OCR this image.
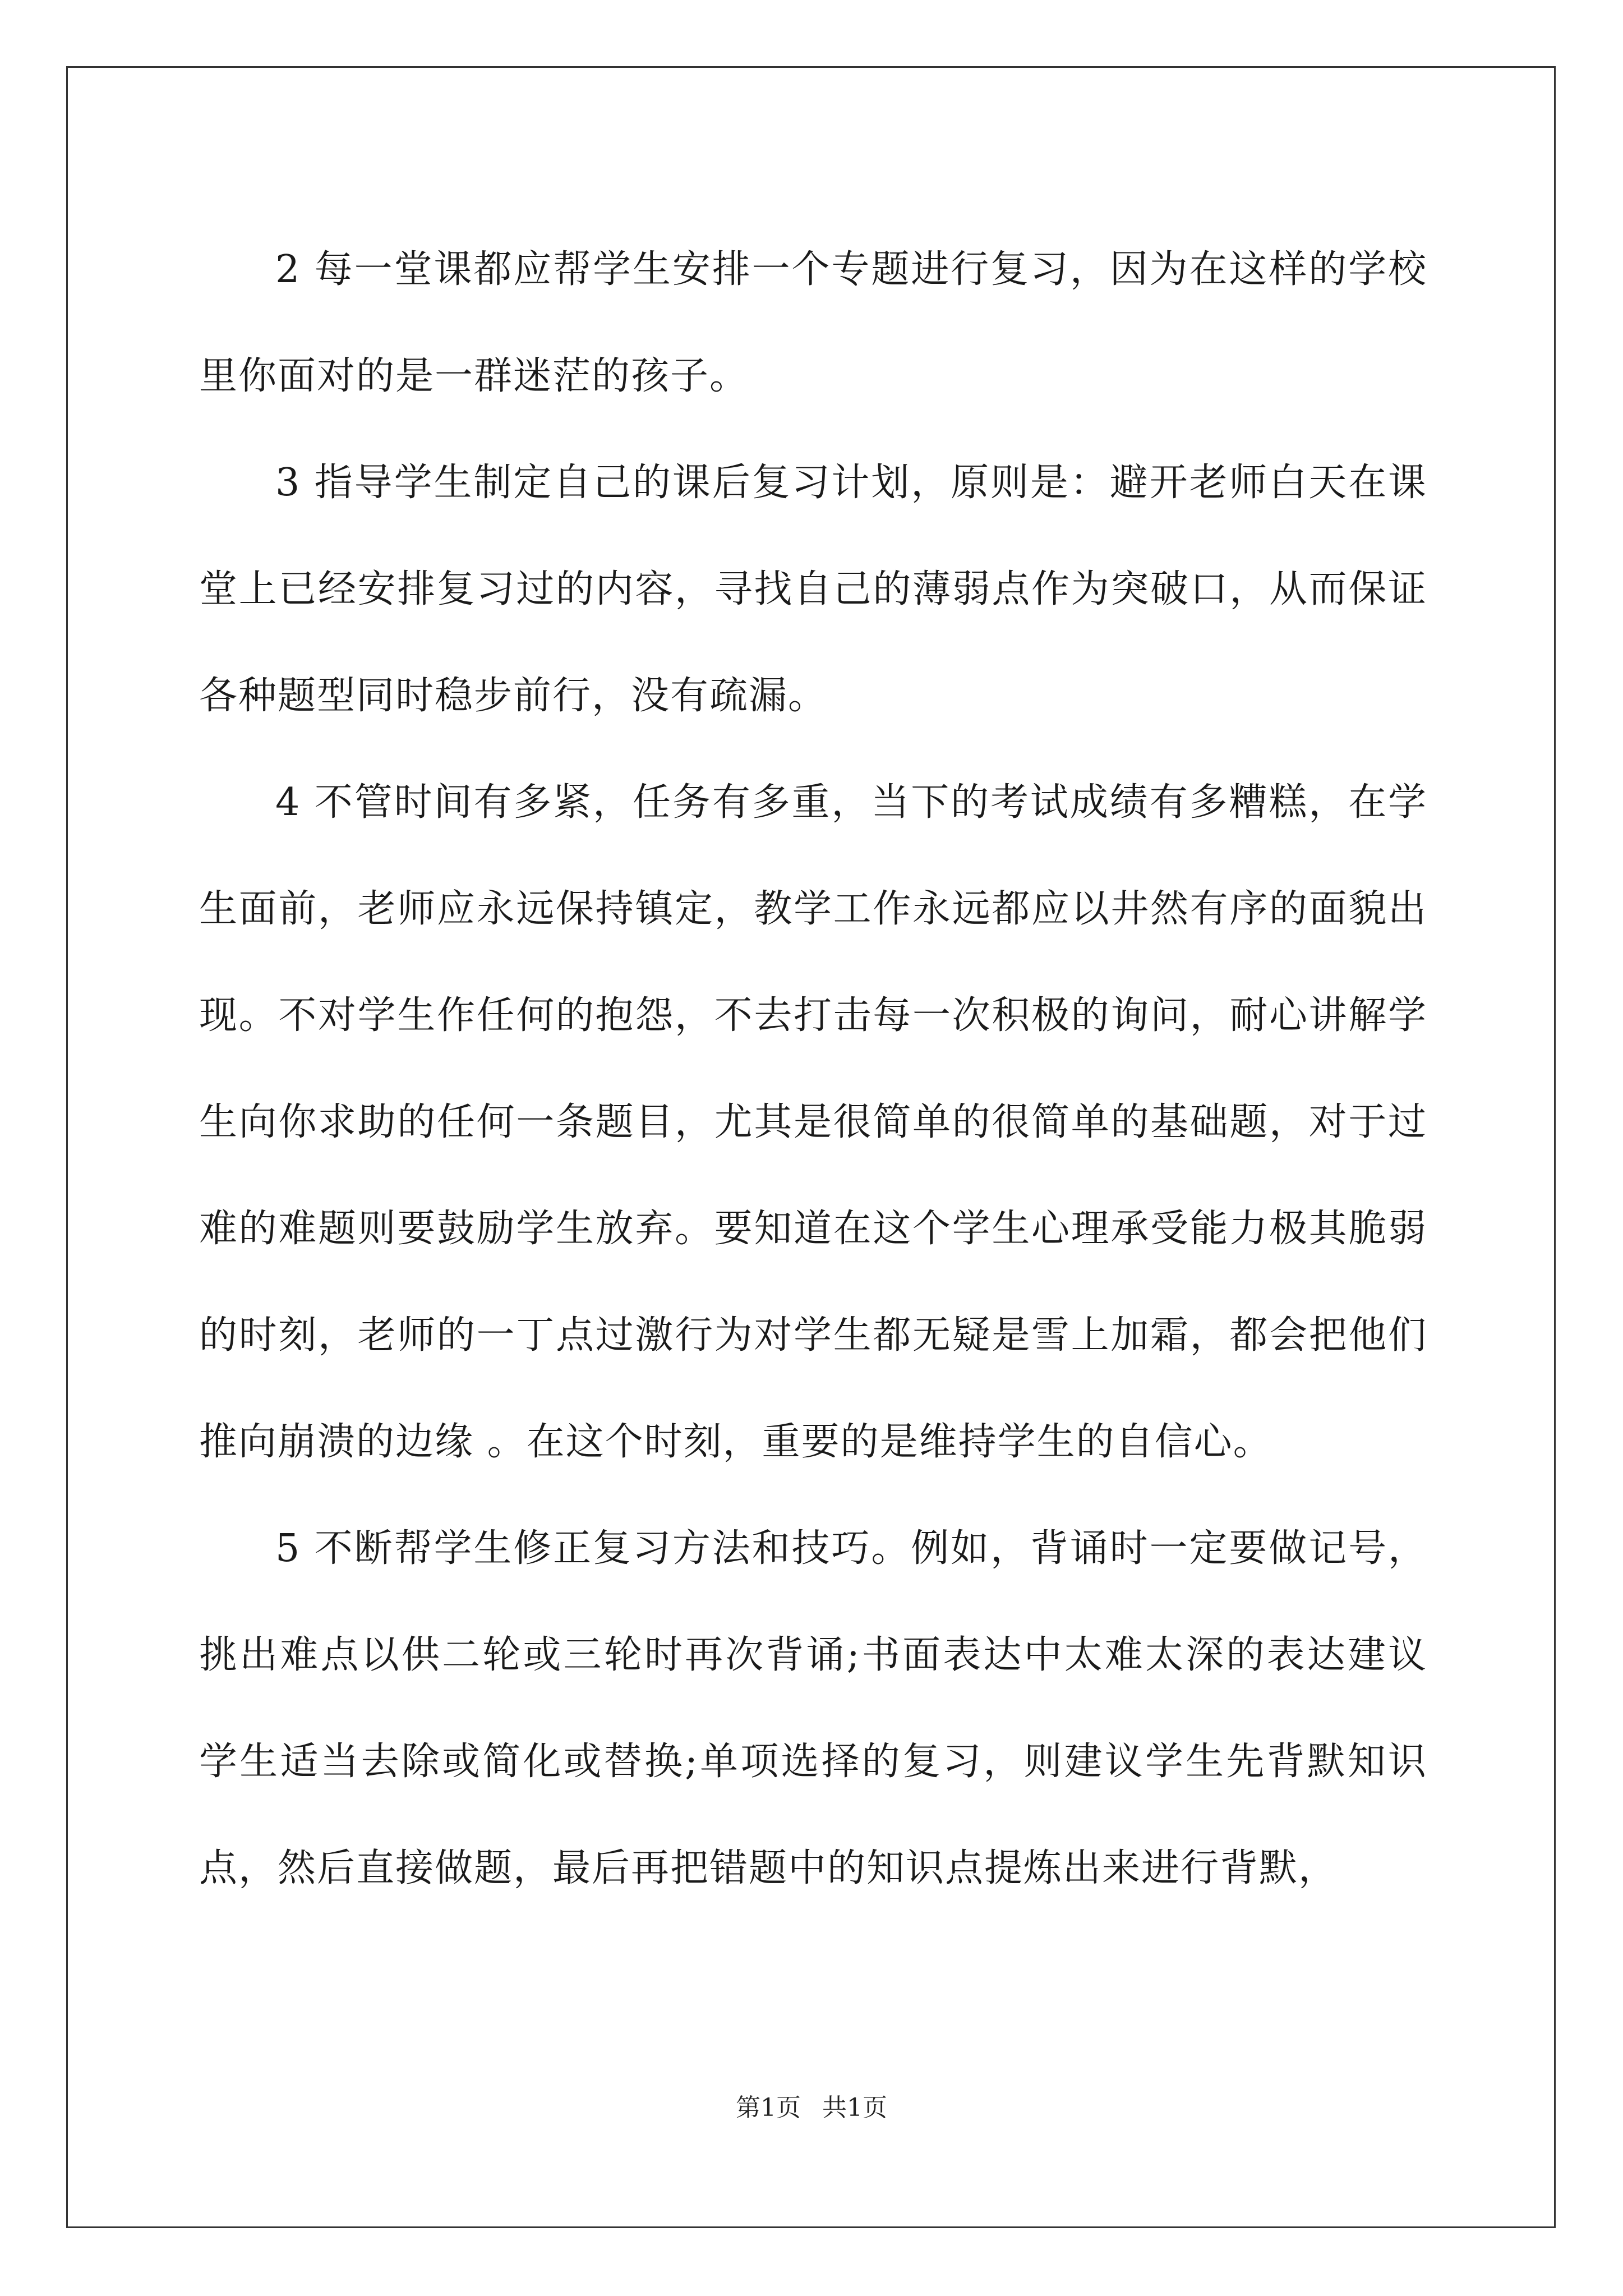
2 每一堂课都应帮学生安排一个专题进行复习，因为在这样的学校里你面对的是一群迷茫的孩子。

3 指导学生制定自己的课后复习计划，原则是：避开老师白天在课堂上已经安排复习过的内容，寻找自己的薄弱点作为突破口，从而保证各种题型同时稳步前行，没有疏漏。

4 不管时间有多紧，任务有多重，当下的考试成绩有多糟糕，在学生面前，老师应永远保持镇定，教学工作永远都应以井然有序的面貌出现。不对学生作任何的抱怨，不去打击每一次积极的询问，耐心讲解学生向你求助的任何一条题目，尤其是很简单的很简单的基础题，对于过难的难题则要鼓励学生放弃。要知道在这个学生心理承受能力极其脆弱的时刻，老师的一丁点过激行为对学生都无疑是雪上加霜，都会把他们推向崩溃的边缘 。在这个时刻，重要的是维持学生的自信心。

5 不断帮学生修正复习方法和技巧。例如，背诵时一定要做记号，挑出难点以供二轮或三轮时再次背诵;书面表达中太难太深的表达建议学生适当去除或简化或替换;单项选择的复习，则建议学生先背默知识点，然后直接做题，最后再把错题中的知识点提炼出来进行背默，

第1页 共1页
